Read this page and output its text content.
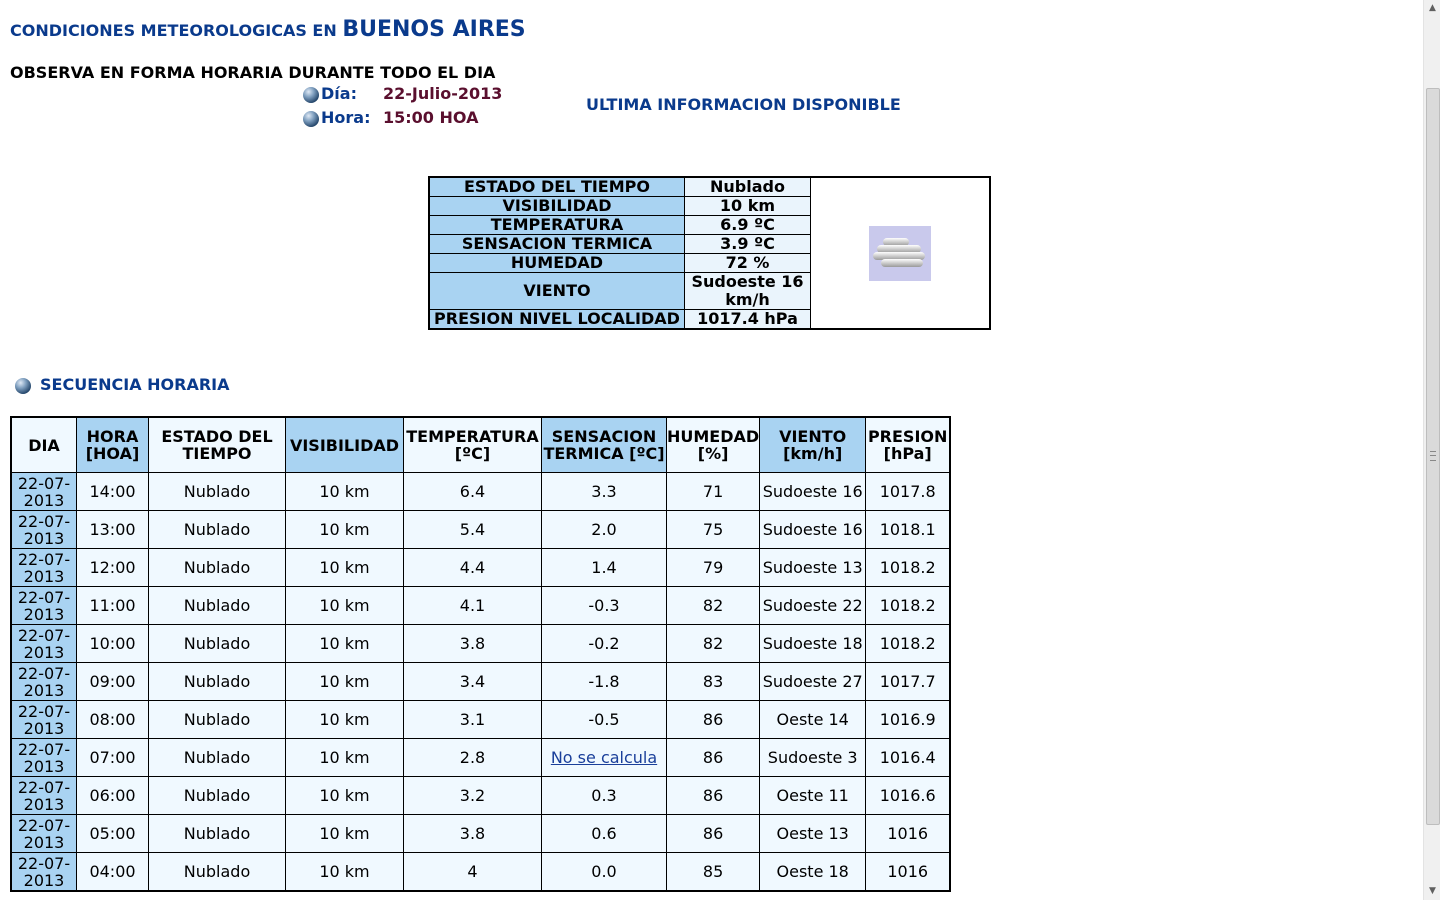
CONDICIONES METEOROLOGICAS EN BUENOS AIRES
OBSERVA EN FORMA HORARIA DURANTE TODO EL DIA
Día: 22-Julio-2013
Hora: 15:00 HOA
ULTIMA INFORMACION DISPONIBLE
ESTADO DEL TIEMPO	Nublado	

VISIBILIDAD	10 km	
TEMPERATURA	6.9 ºC	
SENSACION TERMICA	3.9 ºC	
HUMEDAD	72 %	
VIENTO	Sudoeste 16 km/h	
PRESION NIVEL LOCALIDAD	1017.4 hPa	
SECUENCIA HORARIA
DIA	HORA [HOA]	ESTADO DEL TIEMPO	VISIBILIDAD	TEMPERATURA [ºC]	SENSACION TERMICA [ºC]	HUMEDAD [%]	VIENTO [km/h]	PRESION [hPa]
22-07-2013	14:00	Nublado	10 km	6.4	3.3	71	Sudoeste 16	1017.8
22-07-2013	13:00	Nublado	10 km	5.4	2.0	75	Sudoeste 16	1018.1
22-07-2013	12:00	Nublado	10 km	4.4	1.4	79	Sudoeste 13	1018.2
22-07-2013	11:00	Nublado	10 km	4.1	-0.3	82	Sudoeste 22	1018.2
22-07-2013	10:00	Nublado	10 km	3.8	-0.2	82	Sudoeste 18	1018.2
22-07-2013	09:00	Nublado	10 km	3.4	-1.8	83	Sudoeste 27	1017.7
22-07-2013	08:00	Nublado	10 km	3.1	-0.5	86	Oeste 14	1016.9
22-07-2013	07:00	Nublado	10 km	2.8	No se calcula	86	Sudoeste 3	1016.4
22-07-2013	06:00	Nublado	10 km	3.2	0.3	86	Oeste 11	1016.6
22-07-2013	05:00	Nublado	10 km	3.8	0.6	86	Oeste 13	1016
22-07-2013	04:00	Nublado	10 km	4	0.0	85	Oeste 18	1016
▲
▼
